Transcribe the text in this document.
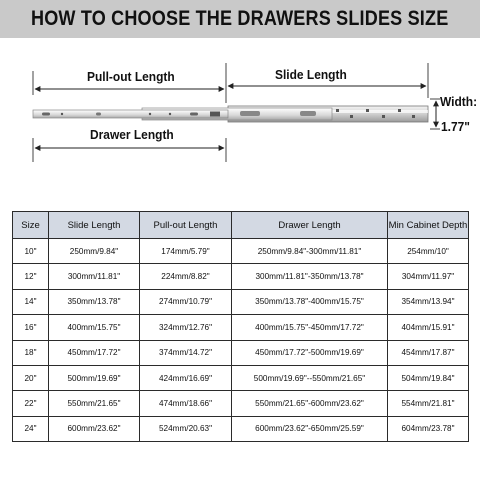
HOW TO CHOOSE THE DRAWERS SLIDES SIZE
Pull-out Length	Slide Length
Drawer Length
Width:
1.77"
Size	Slide Length	Pull-out Length	Drawer Length	Min Cabinet Depth
10"	250mm/9.84"	174mm/5.79"	250mm/9.84"-300mm/11.81"	254mm/10"
12"	300mm/11.81"	224mm/8.82"	300mm/11.81"-350mm/13.78"	304mm/11.97"
14"	350mm/13.78"	274mm/10.79"	350mm/13.78"-400mm/15.75"	354mm/13.94"
16"	400mm/15.75"	324mm/12.76"	400mm/15.75"-450mm/17.72"	404mm/15.91"
18"	450mm/17.72"	374mm/14.72"	450mm/17.72"-500mm/19.69"	454mm/17.87"
20"	500mm/19.69"	424mm/16.69"	500mm/19.69"--550mm/21.65"	504mm/19.84"
22"	550mm/21.65"	474mm/18.66"	550mm/21.65"-600mm/23.62"	554mm/21.81"
24"	600mm/23.62"	524mm/20.63"	600mm/23.62"-650mm/25.59"	604mm/23.78"
